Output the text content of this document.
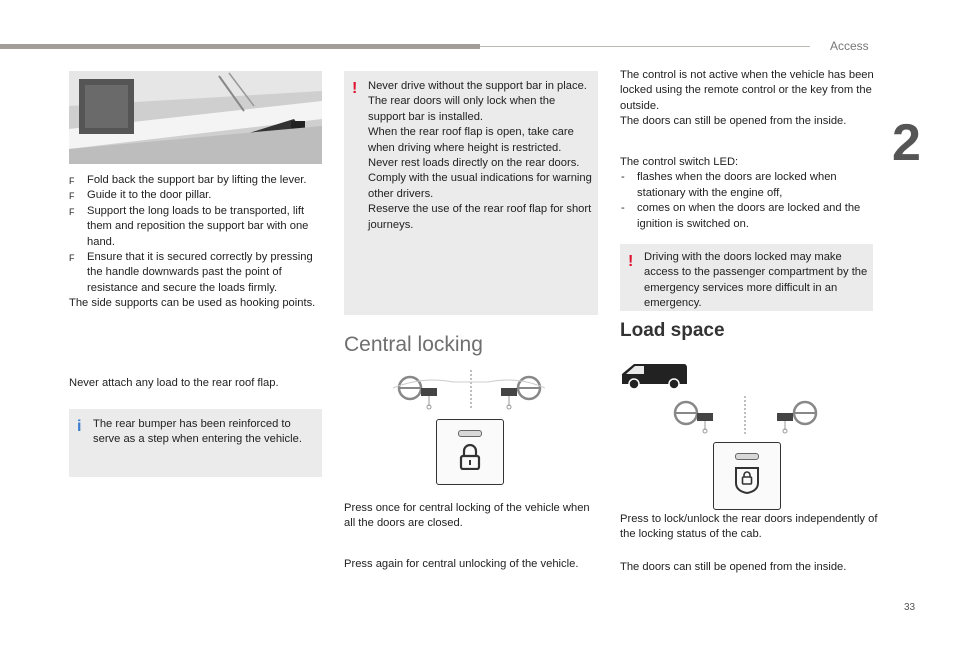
Access
2
33
F Fold back the support bar by lifting the lever.
F Guide it to the door pillar.
F Support the long loads to be transported, lift them and reposition the support bar with one hand.
F Ensure that it is secured correctly by pressing the handle downwards past the point of resistance and secure the loads firmly.
The side supports can be used as hooking points.
Never attach any load to the rear roof flap.
i The rear bumper has been reinforced to serve as a step when entering the vehicle.
! Never drive without the support bar in place.
The rear doors will only lock when the support bar is installed.
When the rear roof flap is open, take care when driving where height is restricted.
Never rest loads directly on the rear doors.
Comply with the usual indications for warning other drivers.
Reserve the use of the rear roof flap for short journeys.
Central locking
Press once for central locking of the vehicle when all the doors are closed.
Press again for central unlocking of the vehicle.
The control is not active when the vehicle has been locked using the remote control or the key from the outside.
The doors can still be opened from the inside.
The control switch LED:
- flashes when the doors are locked when stationary with the engine off,
- comes on when the doors are locked and the ignition is switched on.
! Driving with the doors locked may make access to the passenger compartment by the emergency services more difficult in an emergency.
Load space
Press to lock/unlock the rear doors independently of the locking status of the cab.
The doors can still be opened from the inside.
